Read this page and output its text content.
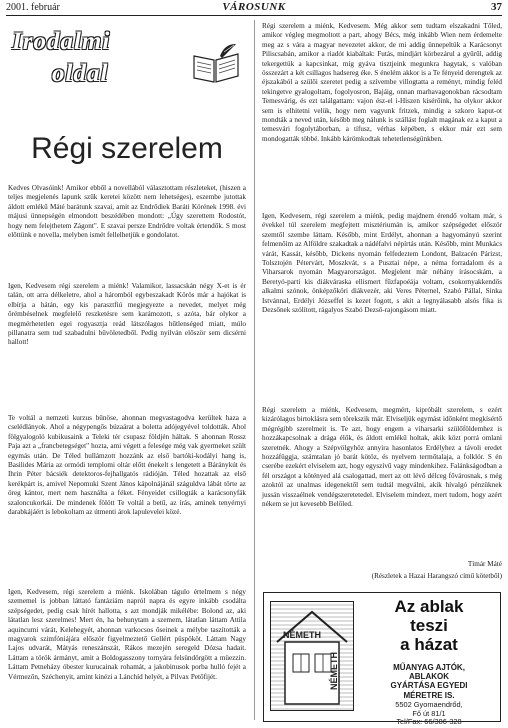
2001. február	VÁROSUNK	37
Irodalmi
oldal
Régi szerelem
Kedves Olvasóink! Amikor ebből a novellából választottam részleteket, (hiszen a teljes megjelenés lapunk szűk keretei között nem lehetséges), eszembe jutottak áldott emlékű Máté barátunk szavai, amit az Endrődiek Baráti Körének 1998. évi májusi ünnepségén elmondott beszédében mondott: „Úgy szerettem Rodostót, hogy nem felejthetem Zágont". E szavai perszе Endrődre voltak értendők. S most előttünk e novella, melyben ismét fellelhetjük e gondolatot.
Igen, Kedvesem régi szerelem a miénk! Valamikor, lassacskán négy X-et is ér talán, ott arra délkeletre, ahol a háromból egybeszakadt Körös már a hajókat is elbírja a hátán, egy kis parasztfiú megjegyezte a nevedet, melyet még őrémbéselnek megfelelő reszketésre sem karámozott, s azóta, bár olykor a megmérhetetlen egei rogyasztja reád látszólagos hűtlenséged miatt, múlo pillanatra sem tud szabadulni bűvöletedből. Pedig nyilván először sem dicsérni hallott!
Te voltál a nemzeti kurzus bűnöse, ahonnan megvastagodva kerültek haza a cselédlányok. Ahol a négypengős búzaárat a boletta adójegyével toldották. Ahol fölgyalogoló kubikusaink a Teleki tér csupasz földjén háltak. S ahonnan Rossz Paja azt a „francbetegséget" hozta, ami végett a felesége még vak gyermeket szült egymás után. De Téled hullámzott hozzánk az első bartóki-kodályi hang is, Basilides Mária az ormódi templomi oltár előtt énekelt s lengetett a Báránykút és Ihrin Péter bácsiék detektoros-fejhallgatós rádióján. Téled hozattak az első kerékpárt is, amivel Nepomuki Szent János kápolnájánál száguldva lábát törte az öreg kántor, mert nem használta a féket. Fényeidet csillogták a karácsonyfák szaloncukorkái. De mindenek fölött Te voltál a betű, az írás, aminek tenyérnyi darabkájáért is lebokoltam az útmenti árok lapulevelei közé.
Igen, Kedvesem, régi szerelem a miénk. Iskolában tágulo értelmem s négy szememel is jobban láttató fantáziám napról napra és egyre inkább csodáltа szépségedet, pedig csak hírét hallotta, s azt mondják mikélébe: Bolond az, aki látatlan lesz szerelmes! Mert én, ha behunytam a szemem, látatlan láttam Attila aquincumi várát, Kelehegyét, ahonnan varkocsos őseinek a mélybe taszították a magyarok szimfóniájára először figyelmeztető Gellért püspököt. Láttam Nagy Lajos udvarát, Mátyás reneszánszát, Rákos mezején seregeld Dózsa hadait. Láttam a török ármányt, amit a Boldogasszony tornyára felsündörgött a müezzin. Láttam Petneházy óbester kurucainak rohamát, a jakobinusok porba hulló fejét a Vérmezőn, Széchenyit, amint kinézi a Lánchíd helyét, a Pilvax Petőfijét.
Régi szerelem a miénk, Kedvesem. Még akkor sem tudtam elszakadni Tőled, amikor végleg megmoltott a part, ahogy Bécs, még inkább Wien nem érdemelte meg az s vára a magyar nevezetet akkor, de mi addig ünnepeltük a Karácsonyt Piliscsabán, amikor a riadót kiabáltak: Futás, mindjárt körbezárul a gyűrűl, addig tekergettük a kapcsinkat, míg gyáva tisztjeink megunkra hagytak, s valóban összezárt a két csillagos hadsereg éke. S énelém akkor is a Te fényeid derengtek az éjszakából a szülői szeretet pedig a szívembe villogtatta a reményt, mindig feléd tekingetve gyalogoltam, fogolyosron, Bajáig, onnan marhavagonokban rácsodtam Temesvárig, és ezt találgattam: vajon ész-el i-Hiszen kísérőink, ha olykor akkor sem is elhitetni velük, hogy nem vagyunk fritzek, mindig a szkoro kaput-ot mondták a neved után, később meg nálunk is szállást foglalt magának ez a kaput a temesvári fogolytáborban, a tífusz, vérhas képében, s ekkor már ezt sem mondogatták többé. Inkább kárömkodtak tehetetlenségünkben.
Igen, Kedvesem, régi szerelem a miénk, pedig majdnem érendő voltam már, s évekkel túl szerelem megfejtett misztériumán is, amikor szépségedet először szemtől szembe láttam. Később, mint Erdélyt, ahonnan a hagyományú szerint felmenőim az Alföldre szakadtak a nádéfalvi népírtás után. Később, mint Munkács várát, Kassát, később, Dickens nyomán felfedeztem Londont, Balzacén Párizst, Tolsztojén Pétervárt, Moszkvát, s a Pusztai népe, a néma forradalom és a Viharsarok nyomán Magyarországot. Megjelent már néhány írásocskám, a Beretyó-parti kis diákváraska ellismert fűzfapoéája voltam, csokornyakkendős alkalmi szónok, önképzőköri diákvezér, aki Veres Péternel, Szabó Pállal, Sinka Istvánnal, Erdélyi Józseffel is kezet fogott, s akit a legnyálasabb alsós fika is Dezsőnek szólított, rágalyos Szabó Dezső-rajongásom miatt.
Régi szerelem a miénk, Kedvesem, megmért, kipróbált szerelem, s ezért kizárólagos birtoklásra sem törekszik már. Elviseljük egymást időnként megkísértő mégrégibb szerelmeit is. Te azt, hogy engem a viharsarki szülőföldemhez is hozzákapcsolnak a drága élők, és áldott emlékű holtak, akik közt porrá omlani szeretnék. Ahogy a Szépvölgyhöz annyira hasonlatos Erdélyhez a távoli eredet hozzáfüggja, számtalan jó barát kötöz, és nyelvem termőtalaja, a folklór. S én cserébe ezekért elviselem azt, hogy egyszívű vagy mindenkihez. Falánkságodban a fél országot a kötényed alá csalogattad, mert az ott lévő délceg fővárosnak, s még azoktól az unalmas idegenektől sem tudtál megválni, akik hívalgó pénzüknek jussán visszaélnek vendégszeretetedel. Elviselem mindezt, mert tudom, hogy azért nékem se jut kevesebb Belőled.
Tímár Máté
(Részletek a Hazai Harangszó című kötetből)
NÉMETH
NÉMETH
Az ablak
teszi
a házat
MŰANYAG AJTÓK,
ABLAKOK
GYÁRTÁSA EGYEDI
MÉRETRE IS.
5502 Gyomaendrőd,
Fő út 81/1
Tel/Fax: 66/386-328
